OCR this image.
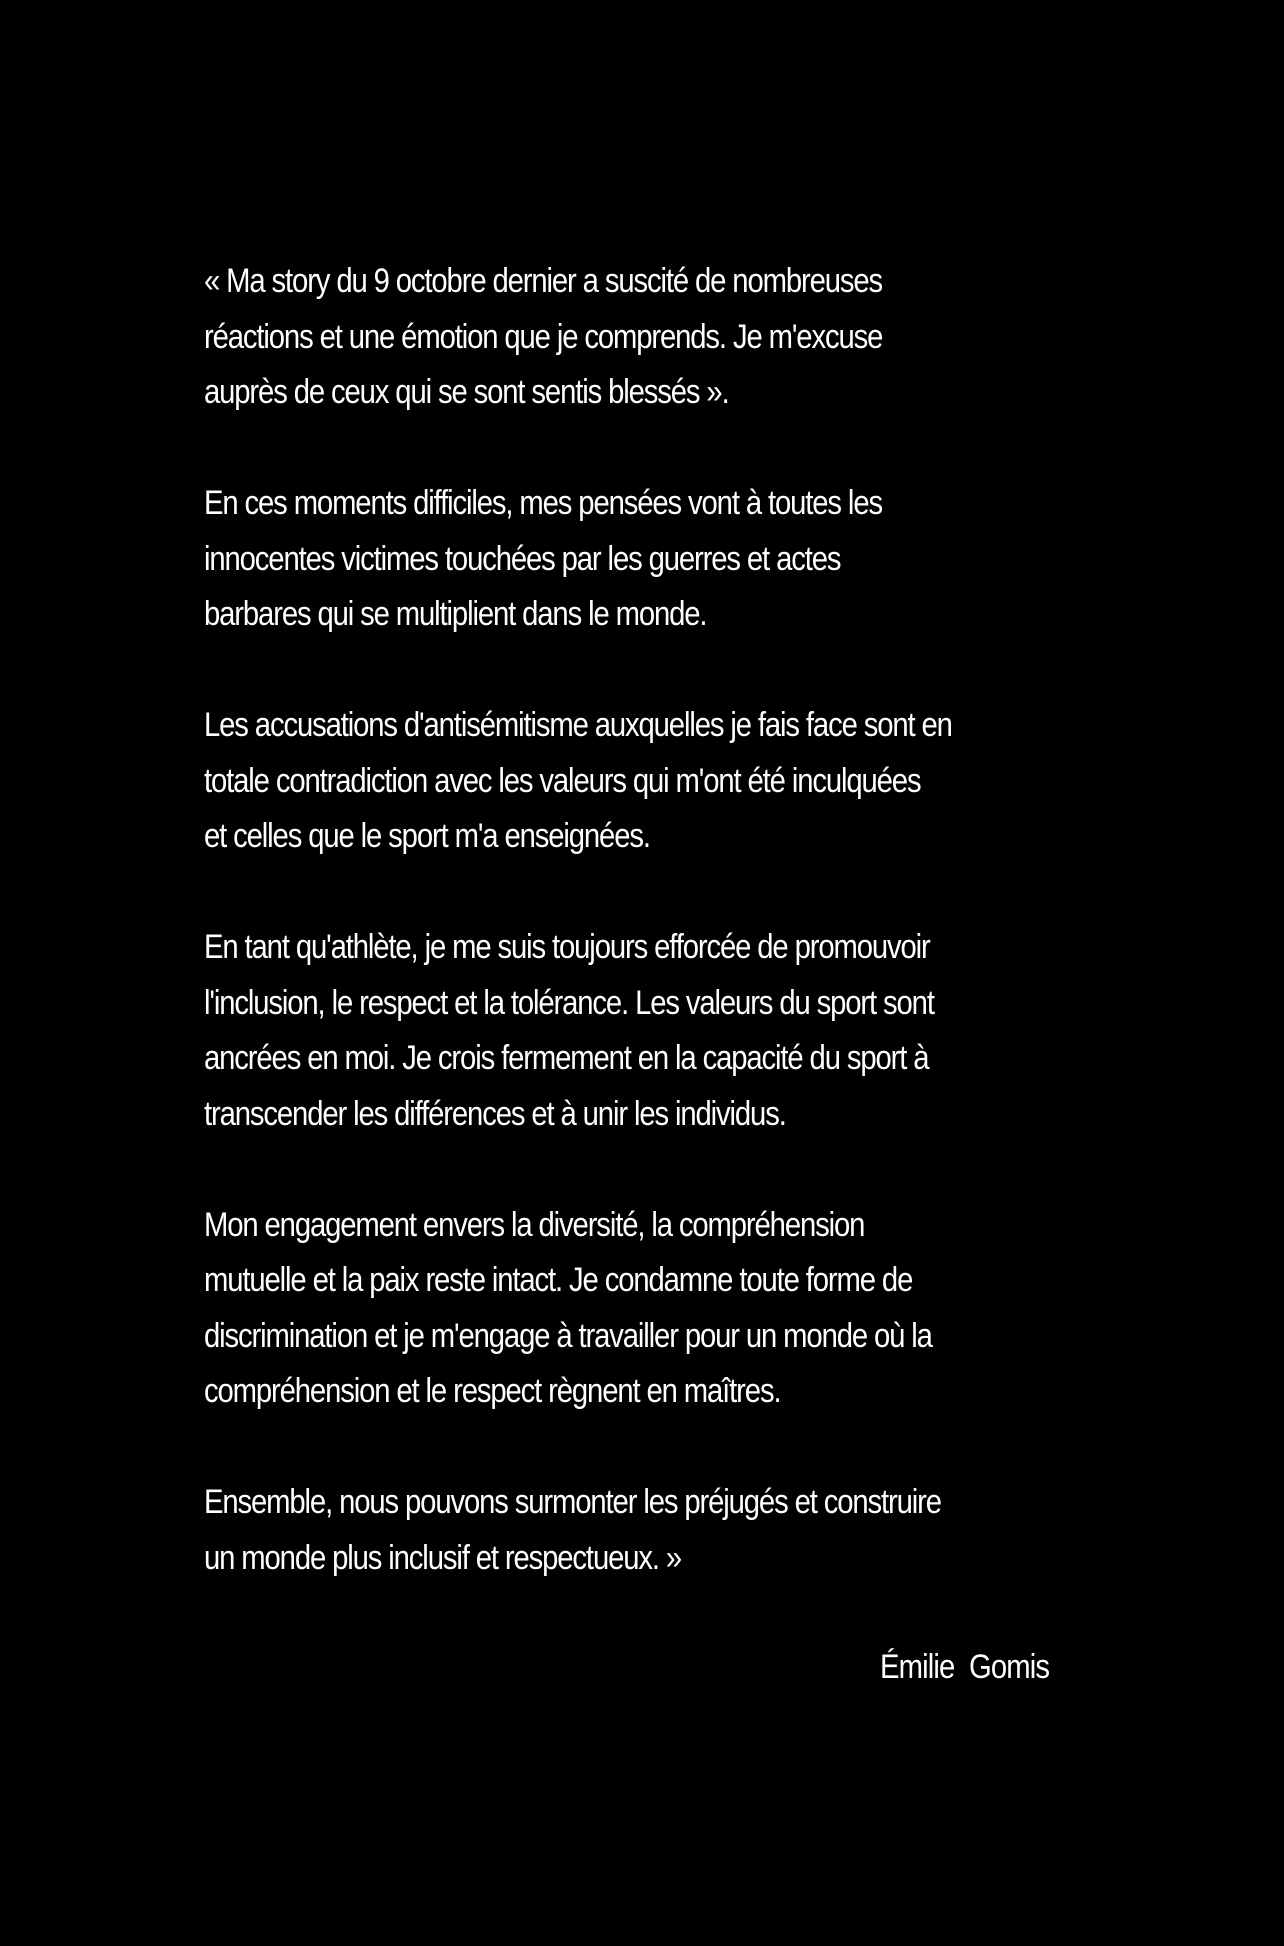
« Ma story du 9 octobre dernier a suscité de nombreuses
réactions et une émotion que je comprends. Je m'excuse
auprès de ceux qui se sont sentis blessés ».

En ces moments difficiles, mes pensées vont à toutes les
innocentes victimes touchées par les guerres et actes
barbares qui se multiplient dans le monde.

Les accusations d'antisémitisme auxquelles je fais face sont en
totale contradiction avec les valeurs qui m'ont été inculquées
et celles que le sport m'a enseignées.

En tant qu'athlète, je me suis toujours efforcée de promouvoir
l'inclusion, le respect et la tolérance. Les valeurs du sport sont
ancrées en moi. Je crois fermement en la capacité du sport à
transcender les différences et à unir les individus.

Mon engagement envers la diversité, la compréhension
mutuelle et la paix reste intact. Je condamne toute forme de
discrimination et je m'engage à travailler pour un monde où la
compréhension et le respect règnent en maîtres.

Ensemble, nous pouvons surmonter les préjugés et construire
un monde plus inclusif et respectueux. »

Émilie  Gomis
